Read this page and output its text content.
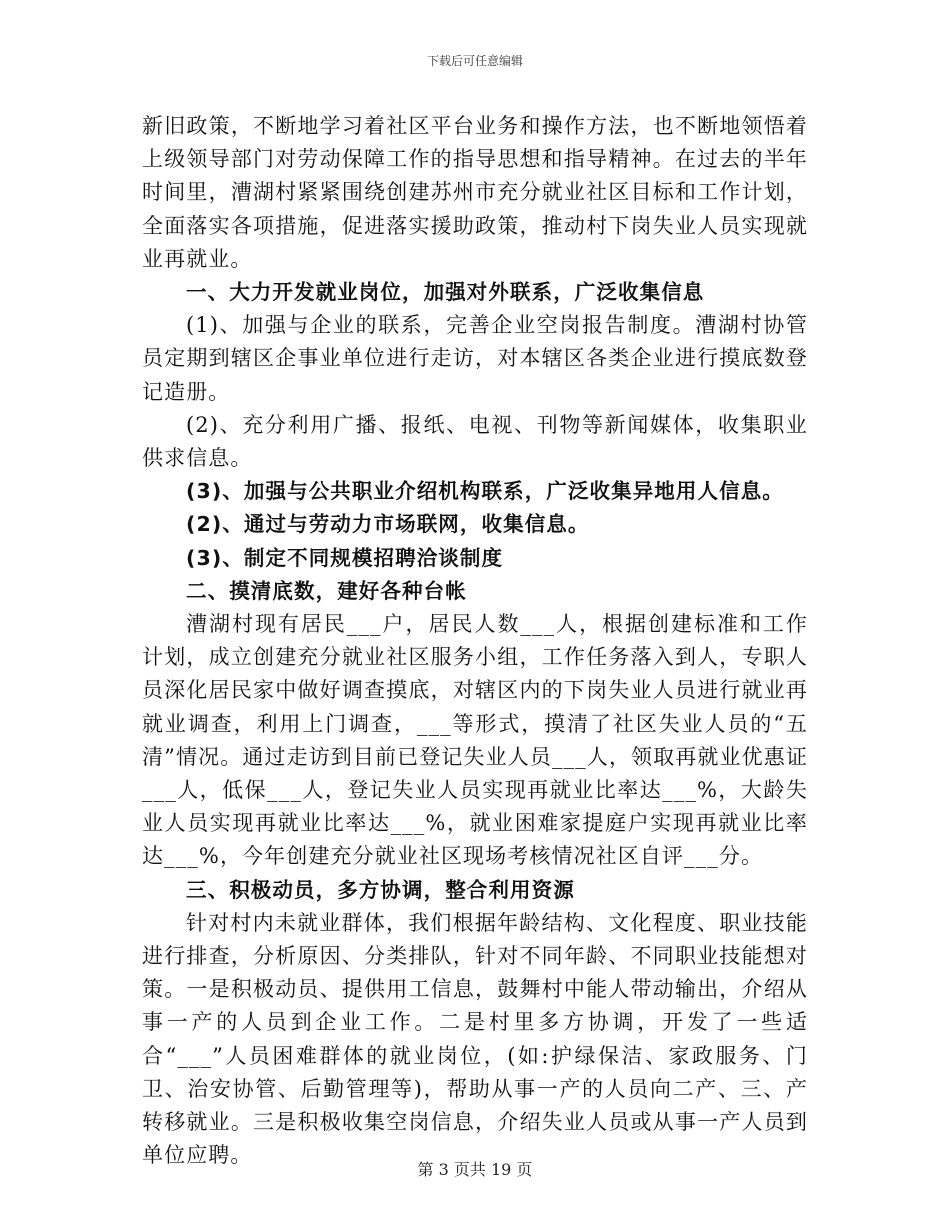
下载后可任意编辑

新旧政策，不断地学习着社区平台业务和操作方法，也不断地领悟着上级领导部门对劳动保障工作的指导思想和指导精神。在过去的半年时间里，漕湖村紧紧围绕创建苏州市充分就业社区目标和工作计划，全面落实各项措施，促进落实援助政策，推动村下岗失业人员实现就业再就业。

一、大力开发就业岗位，加强对外联系，广泛收集信息

(1)、加强与企业的联系，完善企业空岗报告制度。漕湖村协管员定期到辖区企事业单位进行走访，对本辖区各类企业进行摸底数登记造册。

(2)、充分利用广播、报纸、电视、刊物等新闻媒体，收集职业供求信息。

(3)、加强与公共职业介绍机构联系，广泛收集异地用人信息。

(2)、通过与劳动力市场联网，收集信息。

(3)、制定不同规模招聘洽谈制度

二、摸清底数，建好各种台帐

漕湖村现有居民___户，居民人数___人，根据创建标准和工作计划，成立创建充分就业社区服务小组，工作任务落入到人，专职人员深化居民家中做好调查摸底，对辖区内的下岗失业人员进行就业再就业调查，利用上门调查，___等形式，摸清了社区失业人员的“五清”情况。通过走访到目前已登记失业人员___人，领取再就业优惠证___人，低保___人，登记失业人员实现再就业比率达___%，大龄失业人员实现再就业比率达___%，就业困难家提庭户实现再就业比率达___%，今年创建充分就业社区现场考核情况社区自评___分。

三、积极动员，多方协调，整合利用资源

针对村内未就业群体，我们根据年龄结构、文化程度、职业技能进行排查，分析原因、分类排队，针对不同年龄、不同职业技能想对策。一是积极动员、提供用工信息，鼓舞村中能人带动输出，介绍从事一产的人员到企业工作。二是村里多方协调，开发了一些适合“___”人员困难群体的就业岗位，(如:护绿保洁、家政服务、门卫、治安协管、后勤管理等)，帮助从事一产的人员向二产、三、产转移就业。三是积极收集空岗信息，介绍失业人员或从事一产人员到单位应聘。

第 3 页共 19 页
